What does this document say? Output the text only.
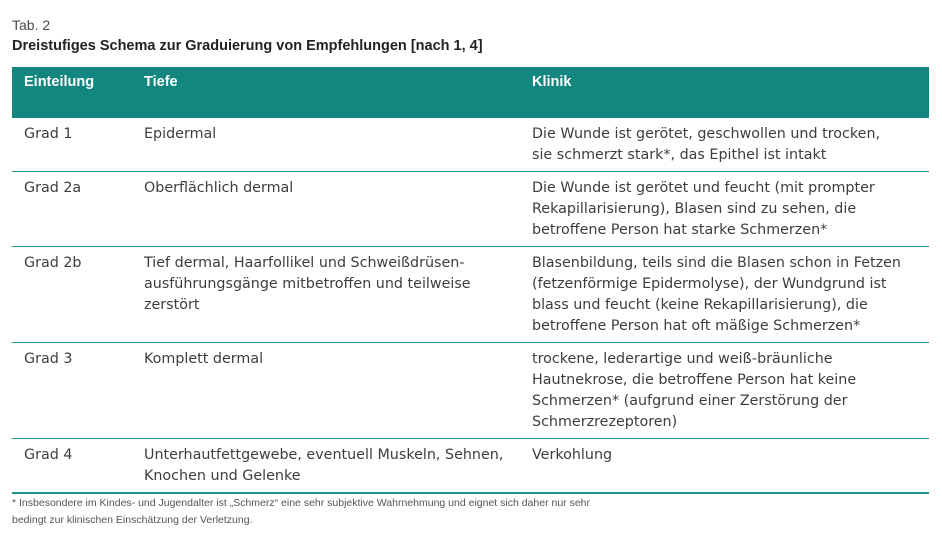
Tab. 2
Dreistufiges Schema zur Graduierung von Empfehlungen [nach 1, 4]
Einteilung	Tiefe	Klinik
Grad 1	Epidermal	Die Wunde ist gerötet, geschwollen und trocken,
sie schmerzt stark*, das Epithel ist intakt
Grad 2a	Oberflächlich dermal	Die Wunde ist gerötet und feucht (mit prompter
Rekapillarisierung), Blasen sind zu sehen, die
betroffene Person hat starke Schmerzen*
Grad 2b	Tief dermal, Haarfollikel und Schweißdrüsen-
ausführungsgänge mitbetroffen und teilweise
zerstört	Blasenbildung, teils sind die Blasen schon in Fetzen
(fetzenförmige Epidermolyse), der Wundgrund ist
blass und feucht (keine Rekapillarisierung), die
betroffene Person hat oft mäßige Schmerzen*
Grad 3	Komplett dermal	trockene, lederartige und weiß-bräunliche
Hautnekrose, die betroffene Person hat keine
Schmerzen* (aufgrund einer Zerstörung der
Schmerzrezeptoren)
Grad 4	Unterhautfettgewebe, eventuell Muskeln, Sehnen,
Knochen und Gelenke	Verkohlung
* Insbesondere im Kindes- und Jugendalter ist „Schmerz“ eine sehr subjektive Wahrnehmung und eignet sich daher nur sehr
bedingt zur klinischen Einschätzung der Verletzung.
